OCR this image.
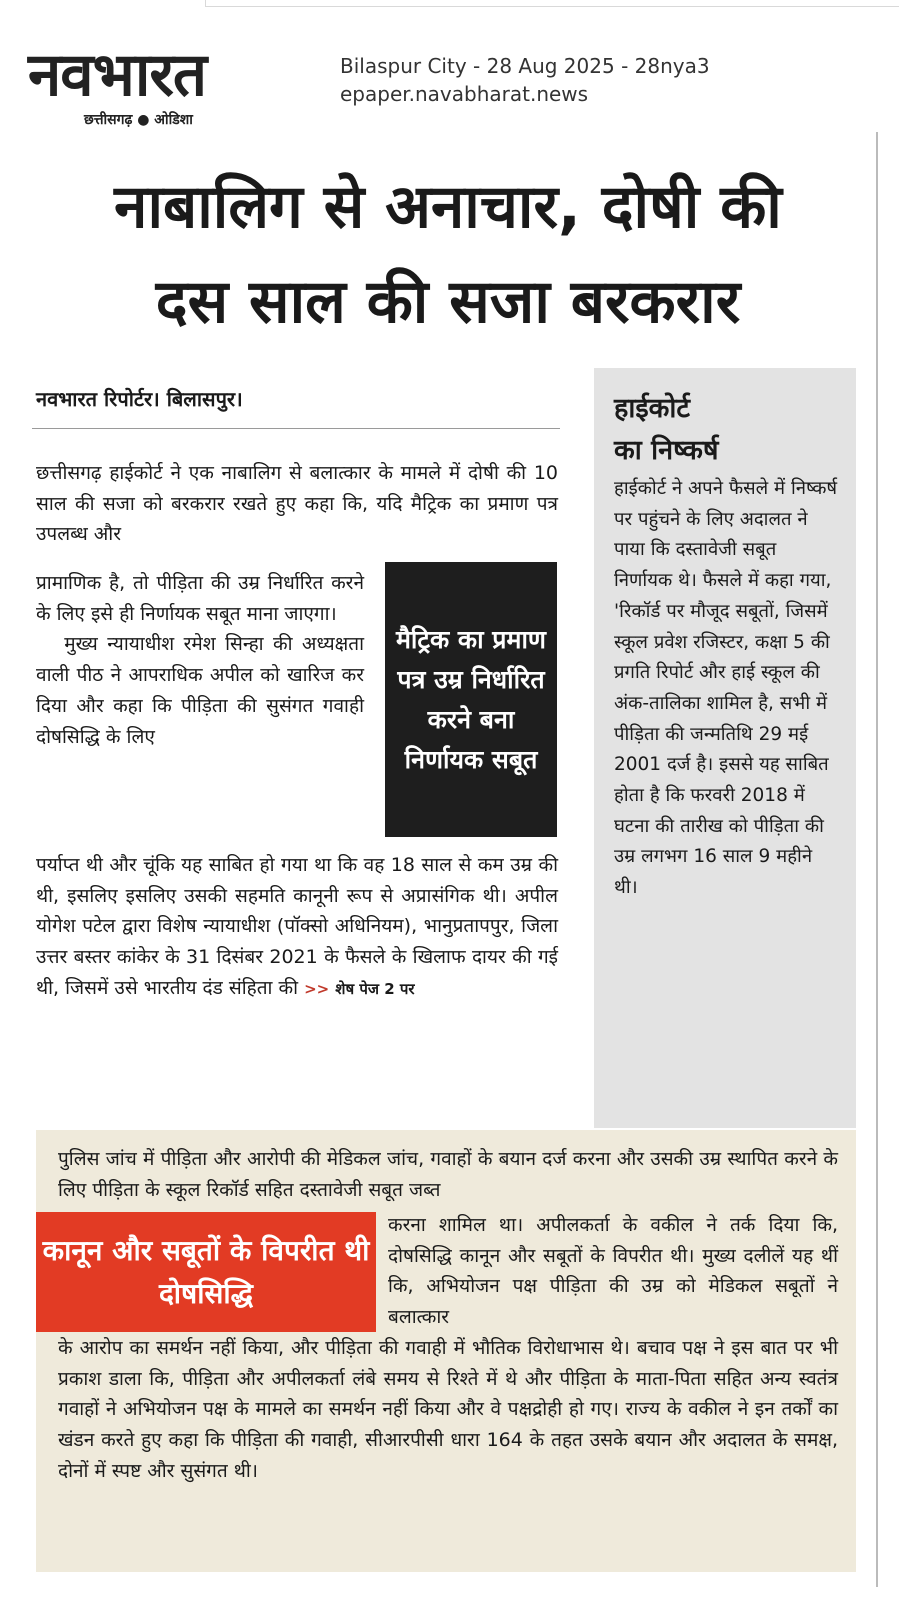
नवभारत
छत्तीसगढ़ ● ओडिशा
Bilaspur City - 28 Aug 2025 - 28nya3
epaper.navabharat.news
नाबालिग से अनाचार, दोषी की
दस साल की सजा बरकरार
नवभारत रिपोर्टर। बिलासपुर।

छत्तीसगढ़ हाईकोर्ट ने एक नाबालिग से बलात्कार के मामले में दोषी की 10 साल की सजा को बरकरार रखते हुए कहा कि, यदि मैट्रिक का प्रमाण पत्र उपलब्ध और

प्रामाणिक है, तो पीड़िता की उम्र निर्धारित करने के लिए इसे ही निर्णायक सबूत माना जाएगा।
मुख्य न्यायाधीश रमेश सिन्हा की अध्यक्षता वाली पीठ ने आपराधिक अपील को खारिज कर दिया और कहा कि पीड़िता की सुसंगत गवाही दोषसिद्धि के लिए

मैट्रिक का प्रमाण पत्र उम्र निर्धारित करने बना निर्णायक सबूत

पर्याप्त थी और चूंकि यह साबित हो गया था कि वह 18 साल से कम उम्र की थी, इसलिए इसलिए उसकी सहमति कानूनी रूप से अप्रासंगिक थी। अपील योगेश पटेल द्वारा विशेष न्यायाधीश (पॉक्सो अधिनियम), भानुप्रतापपुर, जिला उत्तर बस्तर कांकेर के 31 दिसंबर 2021 के फैसले के खिलाफ दायर की गई थी, जिसमें उसे भारतीय दंड संहिता की >> शेष पेज 2 पर

हाईकोर्ट
का निष्कर्ष

हाईकोर्ट ने अपने फैसले में निष्कर्ष पर पहुंचने के लिए अदालत ने पाया कि दस्तावेजी सबूत निर्णायक थे। फैसले में कहा गया, 'रिकॉर्ड पर मौजूद सबूतों, जिसमें स्कूल प्रवेश रजिस्टर, कक्षा 5 की प्रगति रिपोर्ट और हाई स्कूल की अंक-तालिका शामिल है, सभी में पीड़िता की जन्मतिथि 29 मई 2001 दर्ज है। इससे यह साबित होता है कि फरवरी 2018 में घटना की तारीख को पीड़िता की उम्र लगभग 16 साल 9 महीने थी।

पुलिस जांच में पीड़िता और आरोपी की मेडिकल जांच, गवाहों के बयान दर्ज करना और उसकी उम्र स्थापित करने के लिए पीड़िता के स्कूल रिकॉर्ड सहित दस्तावेजी सबूत जब्त

कानून और सबूतों के विपरीत थी दोषसिद्धि

करना शामिल था। अपीलकर्ता के वकील ने तर्क दिया कि, दोषसिद्धि कानून और सबूतों के विपरीत थी। मुख्य दलीलें यह थीं कि, अभियोजन पक्ष पीड़िता की उम्र को मेडिकल सबूतों ने बलात्कार

के आरोप का समर्थन नहीं किया, और पीड़िता की गवाही में भौतिक विरोधाभास थे। बचाव पक्ष ने इस बात पर भी प्रकाश डाला कि, पीड़िता और अपीलकर्ता लंबे समय से रिश्ते में थे और पीड़िता के माता-पिता सहित अन्य स्वतंत्र गवाहों ने अभियोजन पक्ष के मामले का समर्थन नहीं किया और वे पक्षद्रोही हो गए। राज्य के वकील ने इन तर्कों का खंडन करते हुए कहा कि पीड़िता की गवाही, सीआरपीसी धारा 164 के तहत उसके बयान और अदालत के समक्ष, दोनों में स्पष्ट और सुसंगत थी।
